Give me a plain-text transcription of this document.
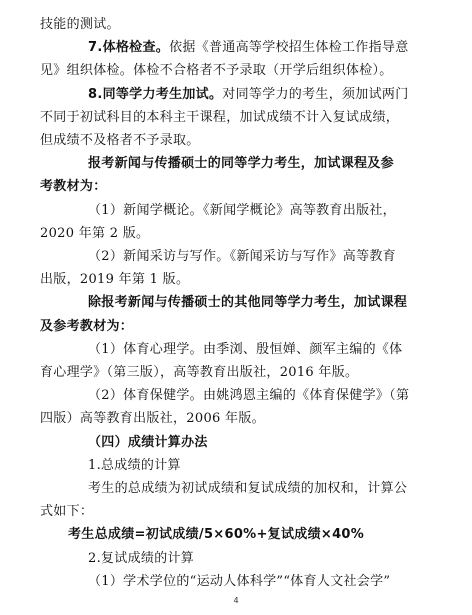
技能的测试。
7.体格检查。依据《普通高等学校招生体检工作指导意
见》组织体检。体检不合格者不予录取（开学后组织体检）。
8.同等学力考生加试。对同等学力的考生，须加试两门
不同于初试科目的本科主干课程，加试成绩不计入复试成绩，
但成绩不及格者不予录取。
报考新闻与传播硕士的同等学力考生，加试课程及参
考教材为：
（1）新闻学概论。《新闻学概论》高等教育出版社，
2020 年第 2 版。
（2）新闻采访与写作。《新闻采访与写作》高等教育
出版，2019 年第 1 版。
除报考新闻与传播硕士的其他同等学力考生，加试课程
及参考教材为：
（1）体育心理学。由季浏、殷恒婵、颜军主编的《体
育心理学》（第三版），高等教育出版社，2016 年版。
（2）体育保健学。由姚鸿恩主编的《体育保健学》（第
四版）高等教育出版社，2006 年版。
（四）成绩计算办法
1.总成绩的计算
考生的总成绩为初试成绩和复试成绩的加权和，计算公
式如下：
考生总成绩=初试成绩/5×60%+复试成绩×40%
2.复试成绩的计算
（1）学术学位的“运动人体科学”“体育人文社会学”
4
